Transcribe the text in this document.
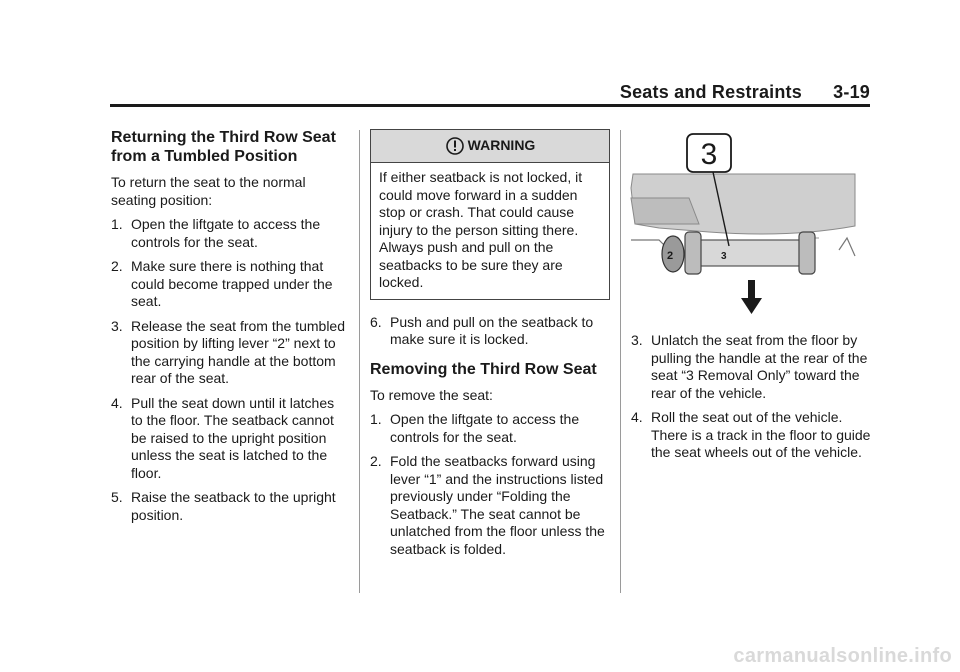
Seats and Restraints 3-19
Returning the Third Row Seat from a Tumbled Position

To return the seat to the normal seating position:

1. Open the liftgate to access the controls for the seat.
2. Make sure there is nothing that could become trapped under the seat.
3. Release the seat from the tumbled position by lifting lever “2” next to the carrying handle at the bottom rear of the seat.
4. Pull the seat down until it latches to the floor. The seatback cannot be raised to the upright position unless the seat is latched to the floor.
5. Raise the seatback to the upright position.
WARNING
If either seatback is not locked, it could move forward in a sudden stop or crash. That could cause injury to the person sitting there. Always push and pull on the seatbacks to be sure they are locked.
6. Push and pull on the seatback to make sure it is locked.
Removing the Third Row Seat

To remove the seat:

1. Open the liftgate to access the controls for the seat.
2. Fold the seatbacks forward using lever “1” and the instructions listed previously under “Folding the Seatback.” The seat cannot be unlatched from the floor unless the seatback is folded.
2	3
3
3. Unlatch the seat from the floor by pulling the handle at the rear of the seat “3 Removal Only” toward the rear of the vehicle.
4. Roll the seat out of the vehicle. There is a track in the floor to guide the seat wheels out of the vehicle.
carmanualsonline.info
